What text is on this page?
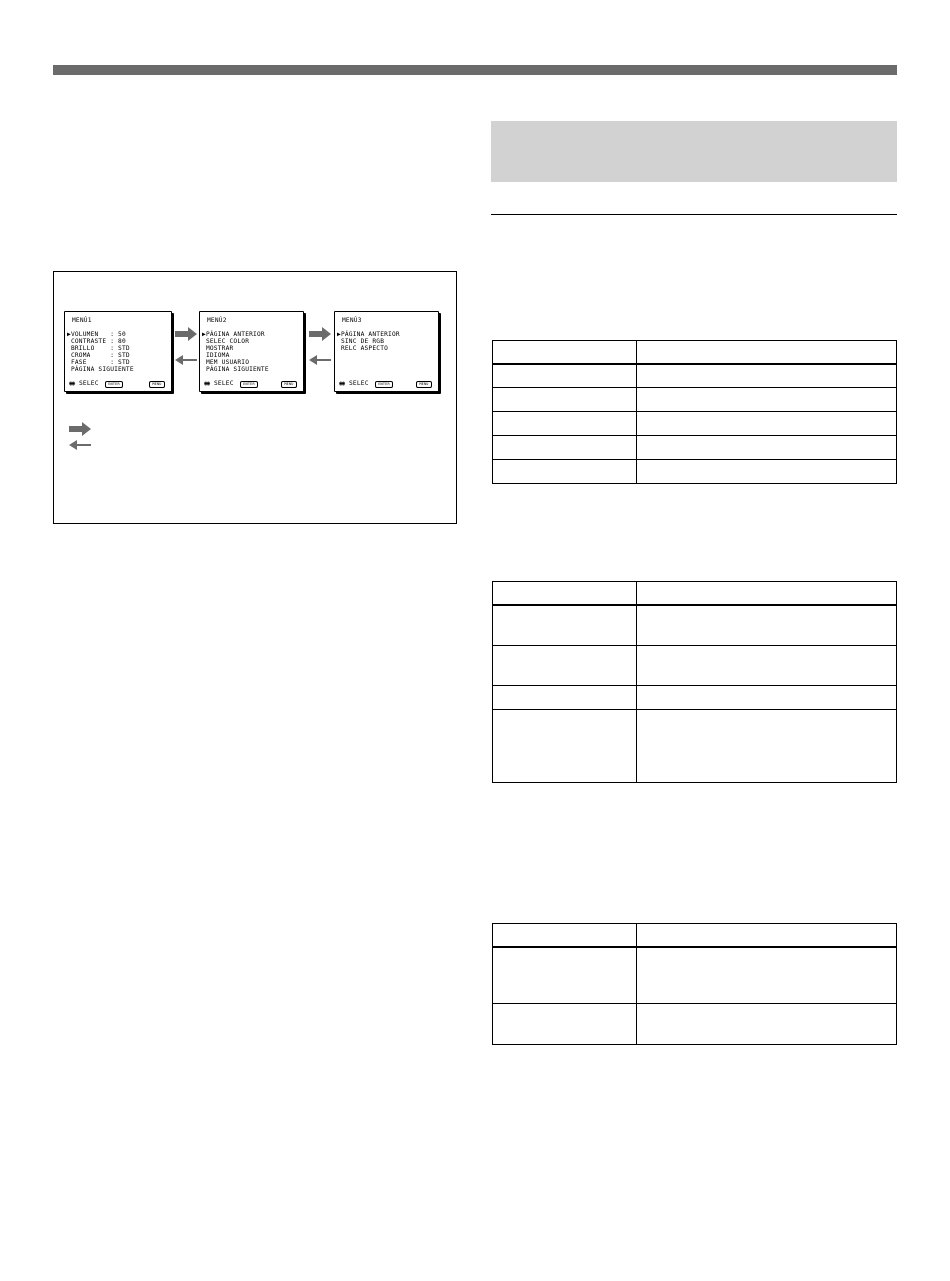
MENÚ1
▶VOLUMEN   : 50
CONTRASTE : 80
BRILLO    : STD
CROMA     : STD
FASE      : STD
PÁGINA SIGUIENTE
◉◉ SELEC	ENTER	MENU
MENÚ2
▶PÁGINA ANTERIOR
SELEC COLOR
MOSTRAR
IDIOMA
MEM USUARIO
PÁGINA SIGUIENTE
◉◉ SELEC	ENTER	MENU
MENÚ3
▶PÁGINA ANTERIOR
SINC DE RGB
RELC ASPECTO
◉◉ SELEC	ENTER	MENU
